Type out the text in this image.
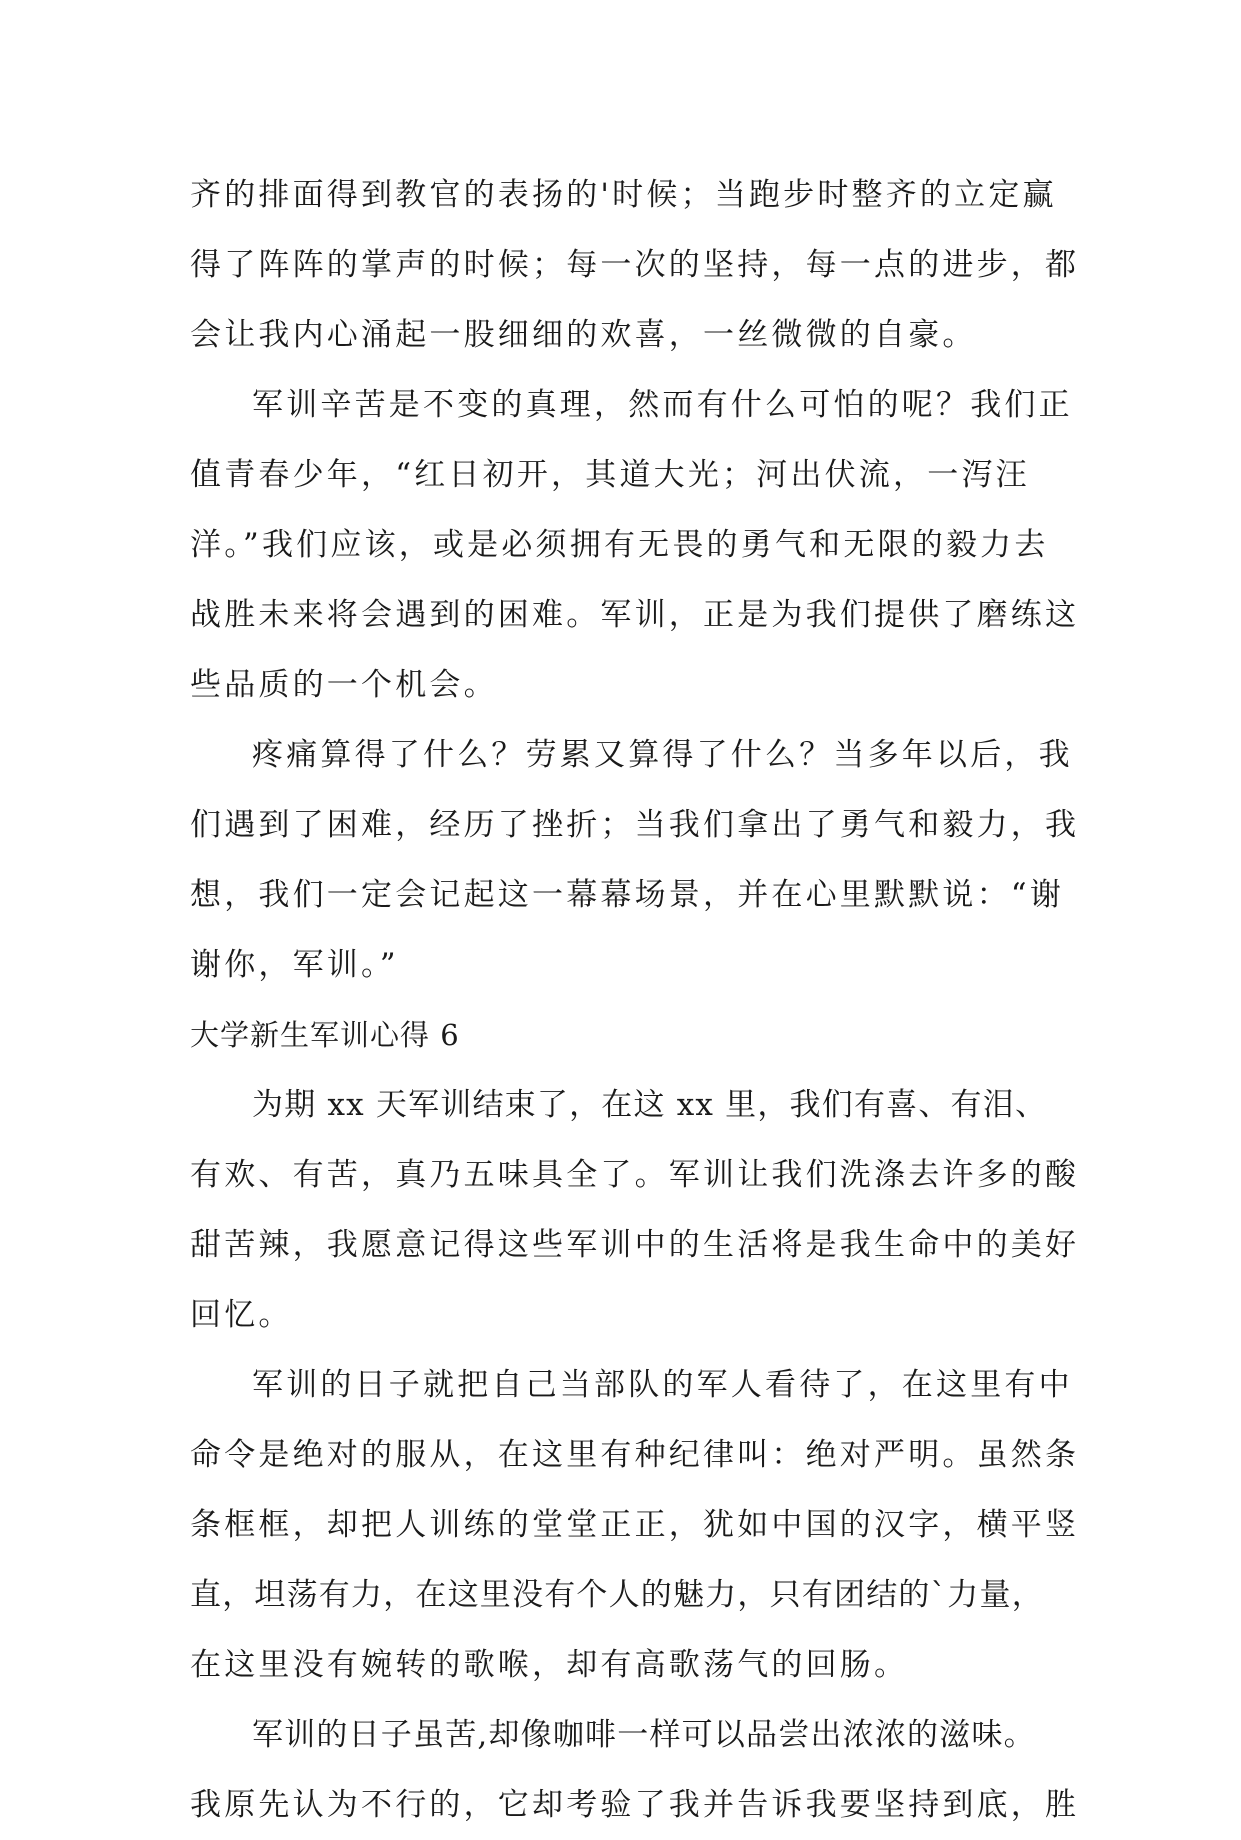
齐的排面得到教官的表扬的'时候；当跑步时整齐的立定赢
得了阵阵的掌声的时候；每一次的坚持，每一点的进步，都
会让我内心涌起一股细细的欢喜，一丝微微的自豪。
军训辛苦是不变的真理，然而有什么可怕的呢？我们正
值青春少年，“红日初开，其道大光；河出伏流，一泻汪
洋。”我们应该，或是必须拥有无畏的勇气和无限的毅力去
战胜未来将会遇到的困难。军训，正是为我们提供了磨练这
些品质的一个机会。
疼痛算得了什么？劳累又算得了什么？当多年以后，我
们遇到了困难，经历了挫折；当我们拿出了勇气和毅力，我
想，我们一定会记起这一幕幕场景，并在心里默默说：“谢
谢你，军训。”
大学新生军训心得 6
为期 xx 天军训结束了，在这 xx 里，我们有喜、有泪、
有欢、有苦，真乃五味具全了。军训让我们洗涤去许多的酸
甜苦辣，我愿意记得这些军训中的生活将是我生命中的美好
回忆。
军训的日子就把自己当部队的军人看待了，在这里有中
命令是绝对的服从，在这里有种纪律叫：绝对严明。虽然条
条框框，却把人训练的堂堂正正，犹如中国的汉字，横平竖
直，坦荡有力，在这里没有个人的魅力，只有团结的`力量，
在这里没有婉转的歌喉，却有高歌荡气的回肠。
军训的日子虽苦,却像咖啡一样可以品尝出浓浓的滋味。
我原先认为不行的，它却考验了我并告诉我要坚持到底，胜
